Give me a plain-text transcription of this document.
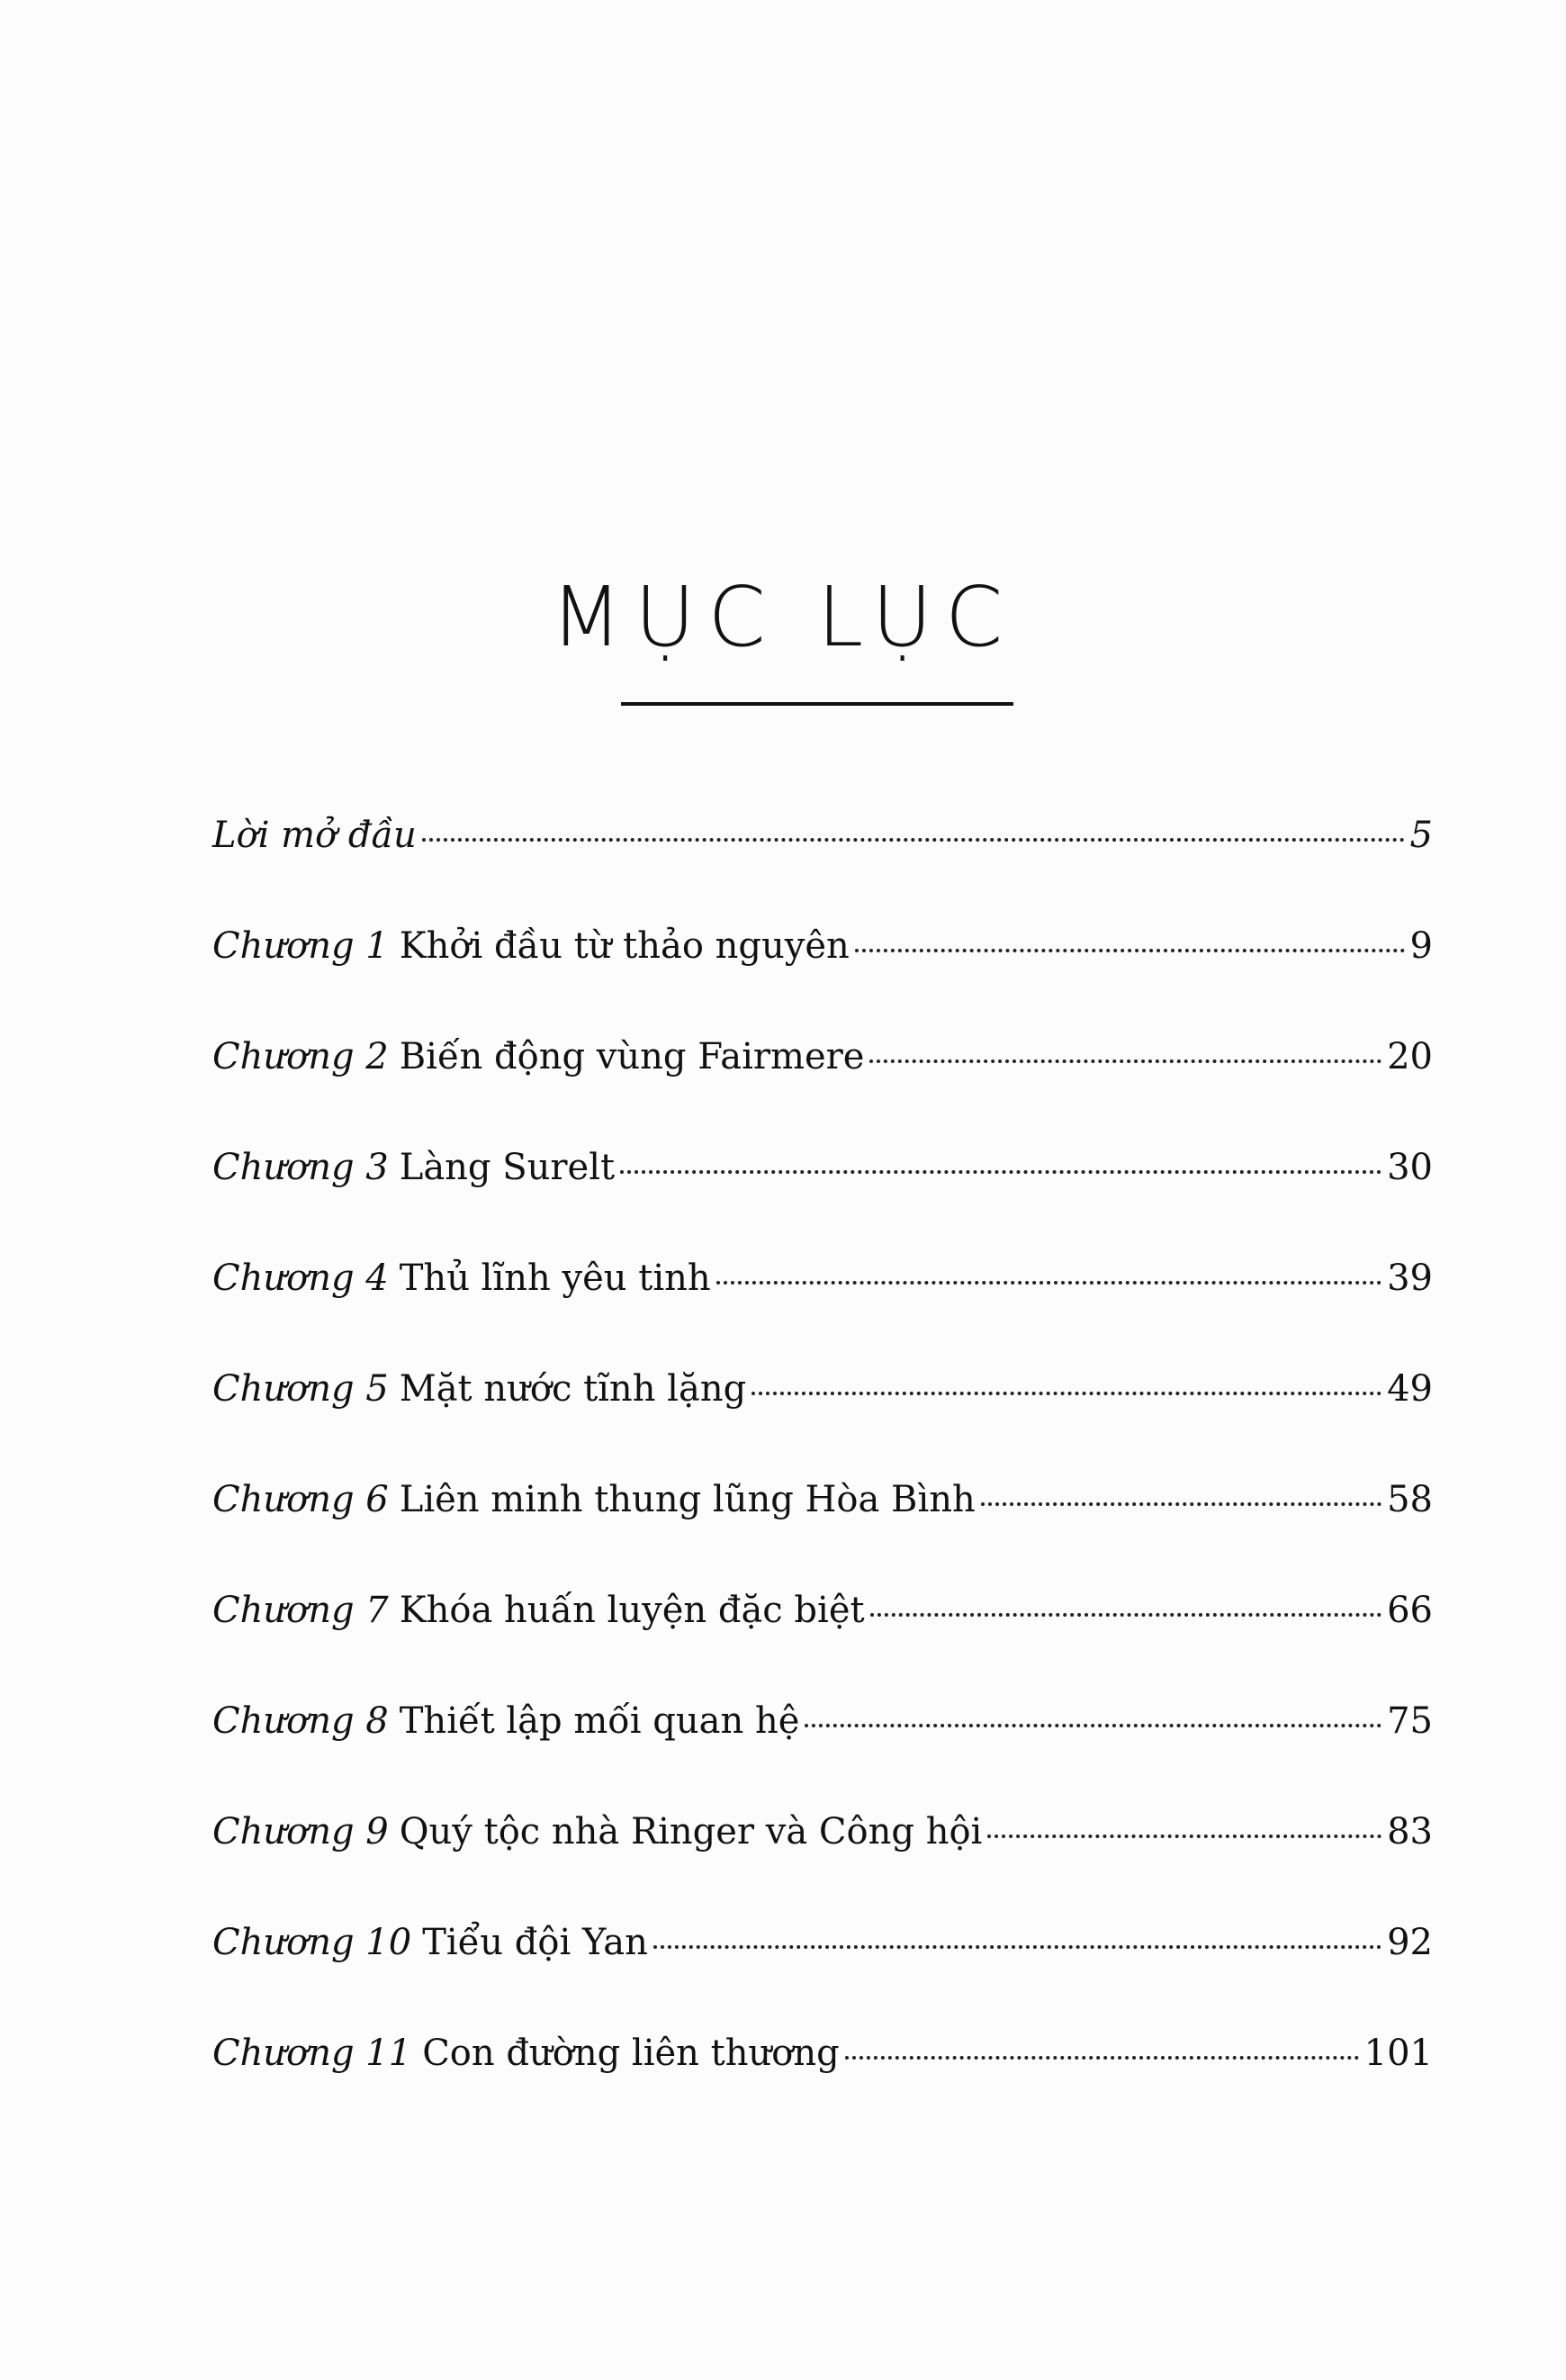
MỤC LỤC
Lời mở đầu	5
Chương 1 Khởi đầu từ thảo nguyên	9
Chương 2 Biến động vùng Fairmere	20
Chương 3 Làng Surelt	30
Chương 4 Thủ lĩnh yêu tinh	39
Chương 5 Mặt nước tĩnh lặng	49
Chương 6 Liên minh thung lũng Hòa Bình	58
Chương 7 Khóa huấn luyện đặc biệt	66
Chương 8 Thiết lập mối quan hệ	75
Chương 9 Quý tộc nhà Ringer và Công hội	83
Chương 10 Tiểu đội Yan	92
Chương 11 Con đường liên thương	101
